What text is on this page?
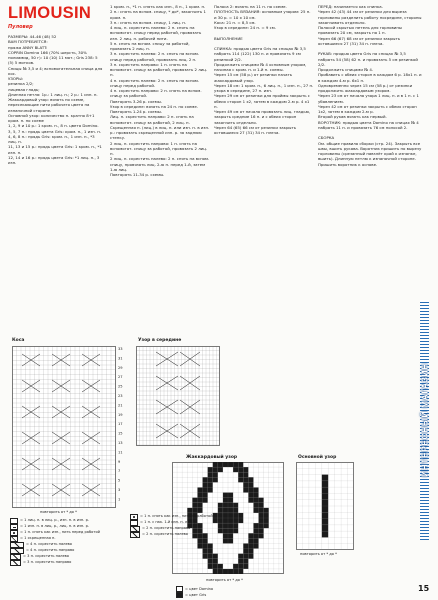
LIMOUSIN
Пуловер
РАЗМЕРЫ: 44-46 (48) 52
ВАМ ПОТРЕБУЕТСЯ:
пряжа ANNY BLATT:
COPRIN Domino 166 (70% шерсть, 30% полиамид, 50 г): 10 (10) 11 мот.; Gris 238: 5 (5) 5 мотков.
Спицы № 3,5 и 4; вспомогательная спица для кос.
УЗОРЫ:
резинка 2/2;
лицевая гладь;
Длинная петля: 1р.: 1 лиц. п.; 2 р.: 1 изн. п.
Жаккардовый узор: вязать по схеме, пересекающие нити рабочего цвета на изнаночной стороне.
Основной узор: количество п. кратно 8+1 кром. п. по схеме
1, 2, 9 и 10 р.: 1 кром. п., 8 п. цвета Domino.
3, 5, 7 п.: прядь цвета Gris: кром. п., 1 изн. п.
4, 6, 8 п.: прядь Gris: кром. п., 1 изн. п., *3 лиц. п.
11, 13 и 15 р.: прядь цвета Gris: 1 кром. п., *1 изн. п.
12, 14 и 16 р.: прядь цвета Gris: *1 лиц. п., 3 изн.
1 кром. п., *1 п. снять как изн., 8 п., 1 кром. п.
2 п.: снять на вспом. спицу, * до*, закончить 1 кром. п.
3 п.: снять на вспом. спицу, 1 лиц. п.
4 лиц. п. скрестить налево: 2 п. снять на вспомогат. спицу перед работой, провязать изн. 2 лиц. п. рабочей нити.
5 п. снять на вспом. спицу за работой, провязать 2 лиц. п.
3 п. скрестить налево: 2 п. снять на вспом. спицу перед работой, провязать лиц. 2 п.
3 п. скрестить направо: 1 п. снять на вспомогат. спицу за работой, провязать 2 лиц. п.
4 п. скрестить налево: 2 п. снять на вспом. спицу перед работой.
4 п. скрестить направо: 2 п. снять на вспом. спицу за работой.
Повторять 3-26 р. схемы.
Узор в середине: вязать на 24 п. по схеме.
Повторять 1-24 р. схемы.
Лиц. п. скрестить направо: 2 п. снять на вспомогат. спицу за работой, 2 лиц. п.
Скрещенная п. (лиц.) в лиц. п. или изн. п. в изн. р.: провязать скрещенной изн. р. за заднюю стенку.
2 лиц. п. скрестить направо: 1 п. снять на вспомогат. спицу за работой, провязать 2 лиц. п.
2 лиц. п. скрестить налево: 2 п. снять на вспом. спицу, провязать лиц. 2-ю п. перед 1-й, затем 1-ю лиц.
Повторять 11-34 р. схемы.
Полоса 2: вязать на 11 п. по схеме.
ПЛОТНОСТЬ ВЯЗАНИЯ: основным узором: 25 п. и 30 р. = 10 х 10 см.
Коса: 21 п. = 8,5 см.
Узор в середине: 24 п. = 9 см.

ВЫПОЛНЕНИЕ

СПИНКА: прядью цвета Gris на спицах № 3,5 набрать 114 (122) 130 п. и провязать 9 см резинкой 2/2.
Продолжить спицами № 4 основным узором, начиная с кром. п. и 1-й п. схемы.
Через 15 см (58 р.) от резинки начать жаккардовый узор.
Через 18 см: 1 кром. п., 6 лиц. п., 1 изн. п., 27 п. узора в середине, 27 п. изн.
Через 29 см от резинки для проймы закрыть с обеих сторон 1 х2, затем в каждом 2-м р. 4 х1 п.
Через 49 см от начала провязать лиц. гладью, закрыть средние 16 п. и с обеих сторон закончить отдельно.
Через 64 (65) 66 см от резинки закрыть оставшиеся 27 (31) 34 п. плеча.
ПЕРЕД: начинается как спинка.
Через 42 (43) 44 см от резинки для выреза горловины разделить работу посредине, стороны заканчивать отдельно.
Полосой скрытых петель для горловины провязать 20 см, закрыть по 1 п.
Через 66 (67) 68 см от резинки закрыть оставшиеся 27 (31) 34 п. плеча.

РУКАВ: прядью цвета Gris на спицах № 3,5 набрать 54 (58) 62 п. и провязать 5 см резинкой 2/2.
Продолжить спицами № 4.
Прибавить с обеих сторон в каждом 6 р. 18х1 п. и в каждом 4-м р. 6х1 п.
Одновременно через 15 см (58 р.) от резинки продолжить жаккардовым узором.
Через 23 см от начала узора 1 лиц. п. и в 1 п. с 1 убавлением.
Через 42 см от резинки закрыть с обеих сторон 1х2, затем в каждом 2-м р.
Второй рукав вязать как первый.
ВОРОТНИК: прядью цвета Domino на спицах № 4 набрать 11 п. и провязать 76 см полосой 2.

СБОРКА
Ом. общие правила сборки (стр. 24). Закрыть все швы, вшить рукава. Воротник пришить по вырезу горловины (срезанный навзлёт край к изнанке, вшить). Длинную петлю к изнаночной стороне. Пришить воротник к основе.
Коса
33
31
29
27
25
23
21
19
17
15
13
11
9
7
5
3
1
повторить от * до *
Узор в середине
Жаккардовый узор
повторить от * до *
= цвет Domino
= цвет Gris
Основной узор
повторить от * до *
= 1 лиц. п. в лиц. р., изн. п. в изн. р.
= 1 изн. п. в лиц. р., лиц. п. в изн. р.
= 1 п. снять как изн., нить перед работой
= 1 скрещенная п.
= 4 п. скрестить налево
= 4 п. скрестить направо
= 3 п. скрестить налево
= 3 п. скрестить направо
= 1 п. снять как изн., нить за работой
= 1 п. с нак. 1-й изн. п. лиц. р.
= 2 п. скрестить направо
= 2 п. скрестить налево
ИНТЕРЕСНЫЙ МАГАЗИН
15
